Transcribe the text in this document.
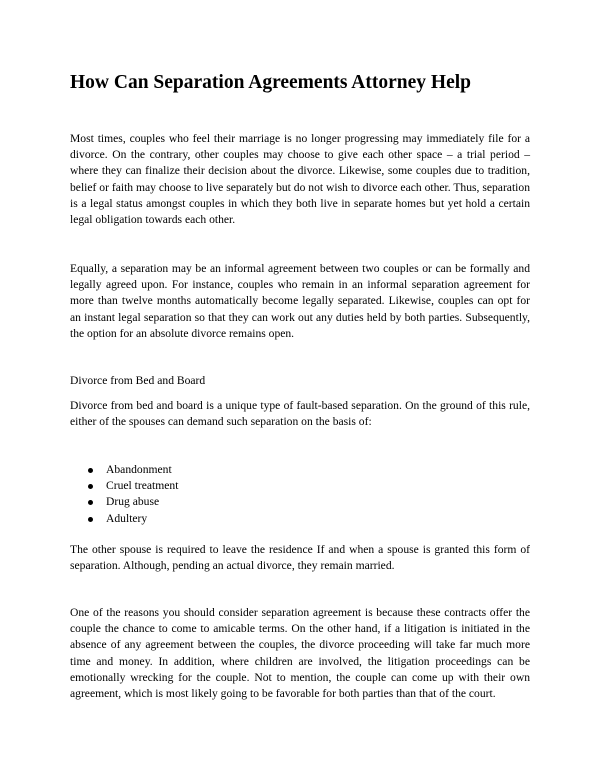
How Can Separation Agreements Attorney Help

Most times, couples who feel their marriage is no longer progressing may immediately file for a divorce. On the contrary, other couples may choose to give each other space – a trial period – where they can finalize their decision about the divorce. Likewise, some couples due to tradition, belief or faith may choose to live separately but do not wish to divorce each other. Thus, separation is a legal status amongst couples in which they both live in separate homes but yet hold a certain legal obligation towards each other.

Equally, a separation may be an informal agreement between two couples or can be formally and legally agreed upon. For instance, couples who remain in an informal separation agreement for more than twelve months automatically become legally separated. Likewise, couples can opt for an instant legal separation so that they can work out any duties held by both parties. Subsequently, the option for an absolute divorce remains open.

Divorce from Bed and Board

Divorce from bed and board is a unique type of fault-based separation. On the ground of this rule, either of the spouses can demand such separation on the basis of:

Abandonment
Cruel treatment
Drug abuse
Adultery

The other spouse is required to leave the residence If and when a spouse is granted this form of separation. Although, pending an actual divorce, they remain married.

One of the reasons you should consider separation agreement is because these contracts offer the couple the chance to come to amicable terms. On the other hand, if a litigation is initiated in the absence of any agreement between the couples, the divorce proceeding will take far much more time and money. In addition, where children are involved, the litigation proceedings can be emotionally wrecking for the couple. Not to mention, the couple can come up with their own agreement, which is most likely going to be favorable for both parties than that of the court.
